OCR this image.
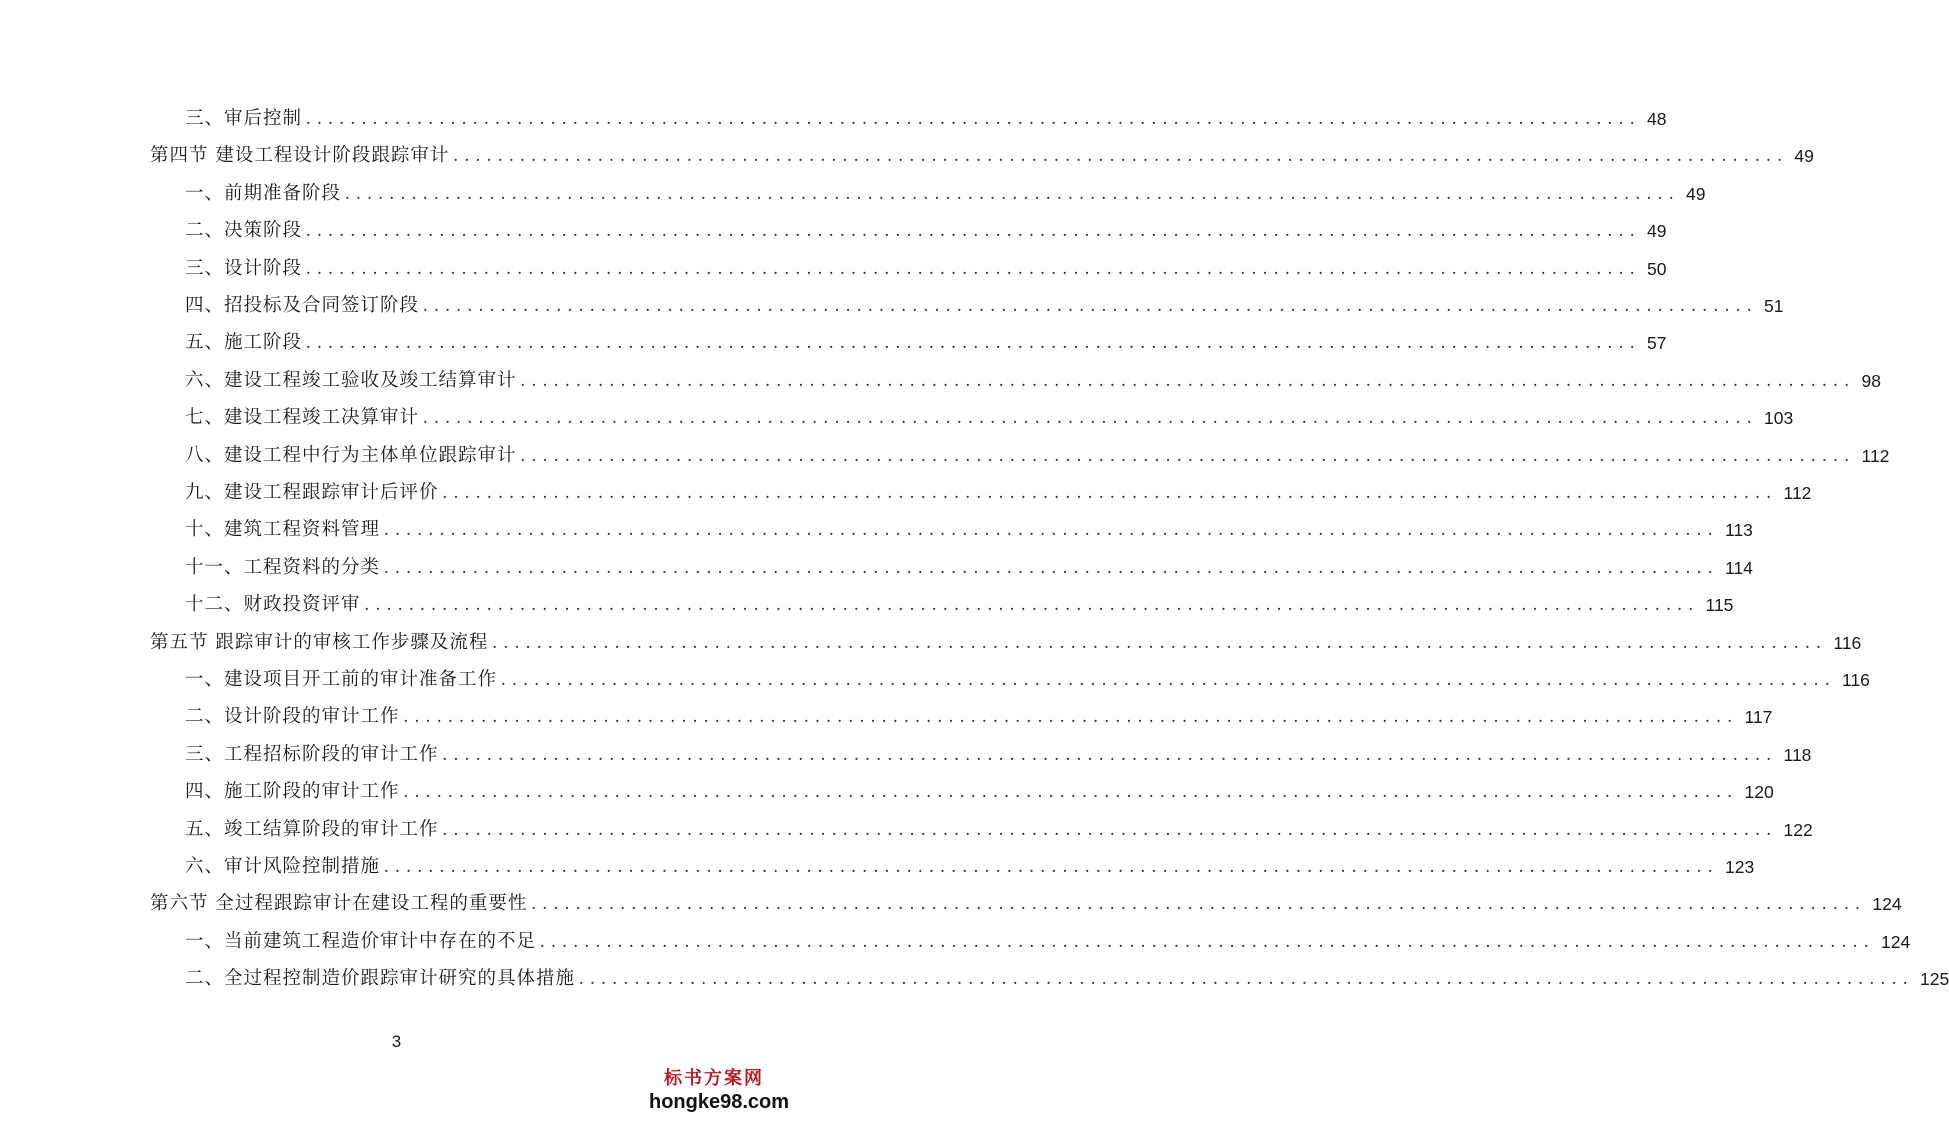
三、审后控制 ........................................................................................................................ 48
第四节 建设工程设计阶段跟踪审计 ........................................................................................................................ 49
一、前期准备阶段 ........................................................................................................................ 49
二、决策阶段 ........................................................................................................................ 49
三、设计阶段 ........................................................................................................................ 50
四、招投标及合同签订阶段 ........................................................................................................................ 51
五、施工阶段 ........................................................................................................................ 57
六、建设工程竣工验收及竣工结算审计 ........................................................................................................................ 98
七、建设工程竣工决算审计 ........................................................................................................................ 103
八、建设工程中行为主体单位跟踪审计 ........................................................................................................................ 112
九、建设工程跟踪审计后评价 ........................................................................................................................ 112
十、建筑工程资料管理 ........................................................................................................................ 113
十一、工程资料的分类 ........................................................................................................................ 114
十二、财政投资评审 ........................................................................................................................ 115
第五节 跟踪审计的审核工作步骤及流程 ........................................................................................................................ 116
一、建设项目开工前的审计准备工作 ........................................................................................................................ 116
二、设计阶段的审计工作 ........................................................................................................................ 117
三、工程招标阶段的审计工作 ........................................................................................................................ 118
四、施工阶段的审计工作 ........................................................................................................................ 120
五、竣工结算阶段的审计工作 ........................................................................................................................ 122
六、审计风险控制措施 ........................................................................................................................ 123
第六节 全过程跟踪审计在建设工程的重要性 ........................................................................................................................ 124
一、当前建筑工程造价审计中存在的不足 ........................................................................................................................ 124
二、全过程控制造价跟踪审计研究的具体措施 ........................................................................................................................ 125
3
标书方案网
hongke98.com
